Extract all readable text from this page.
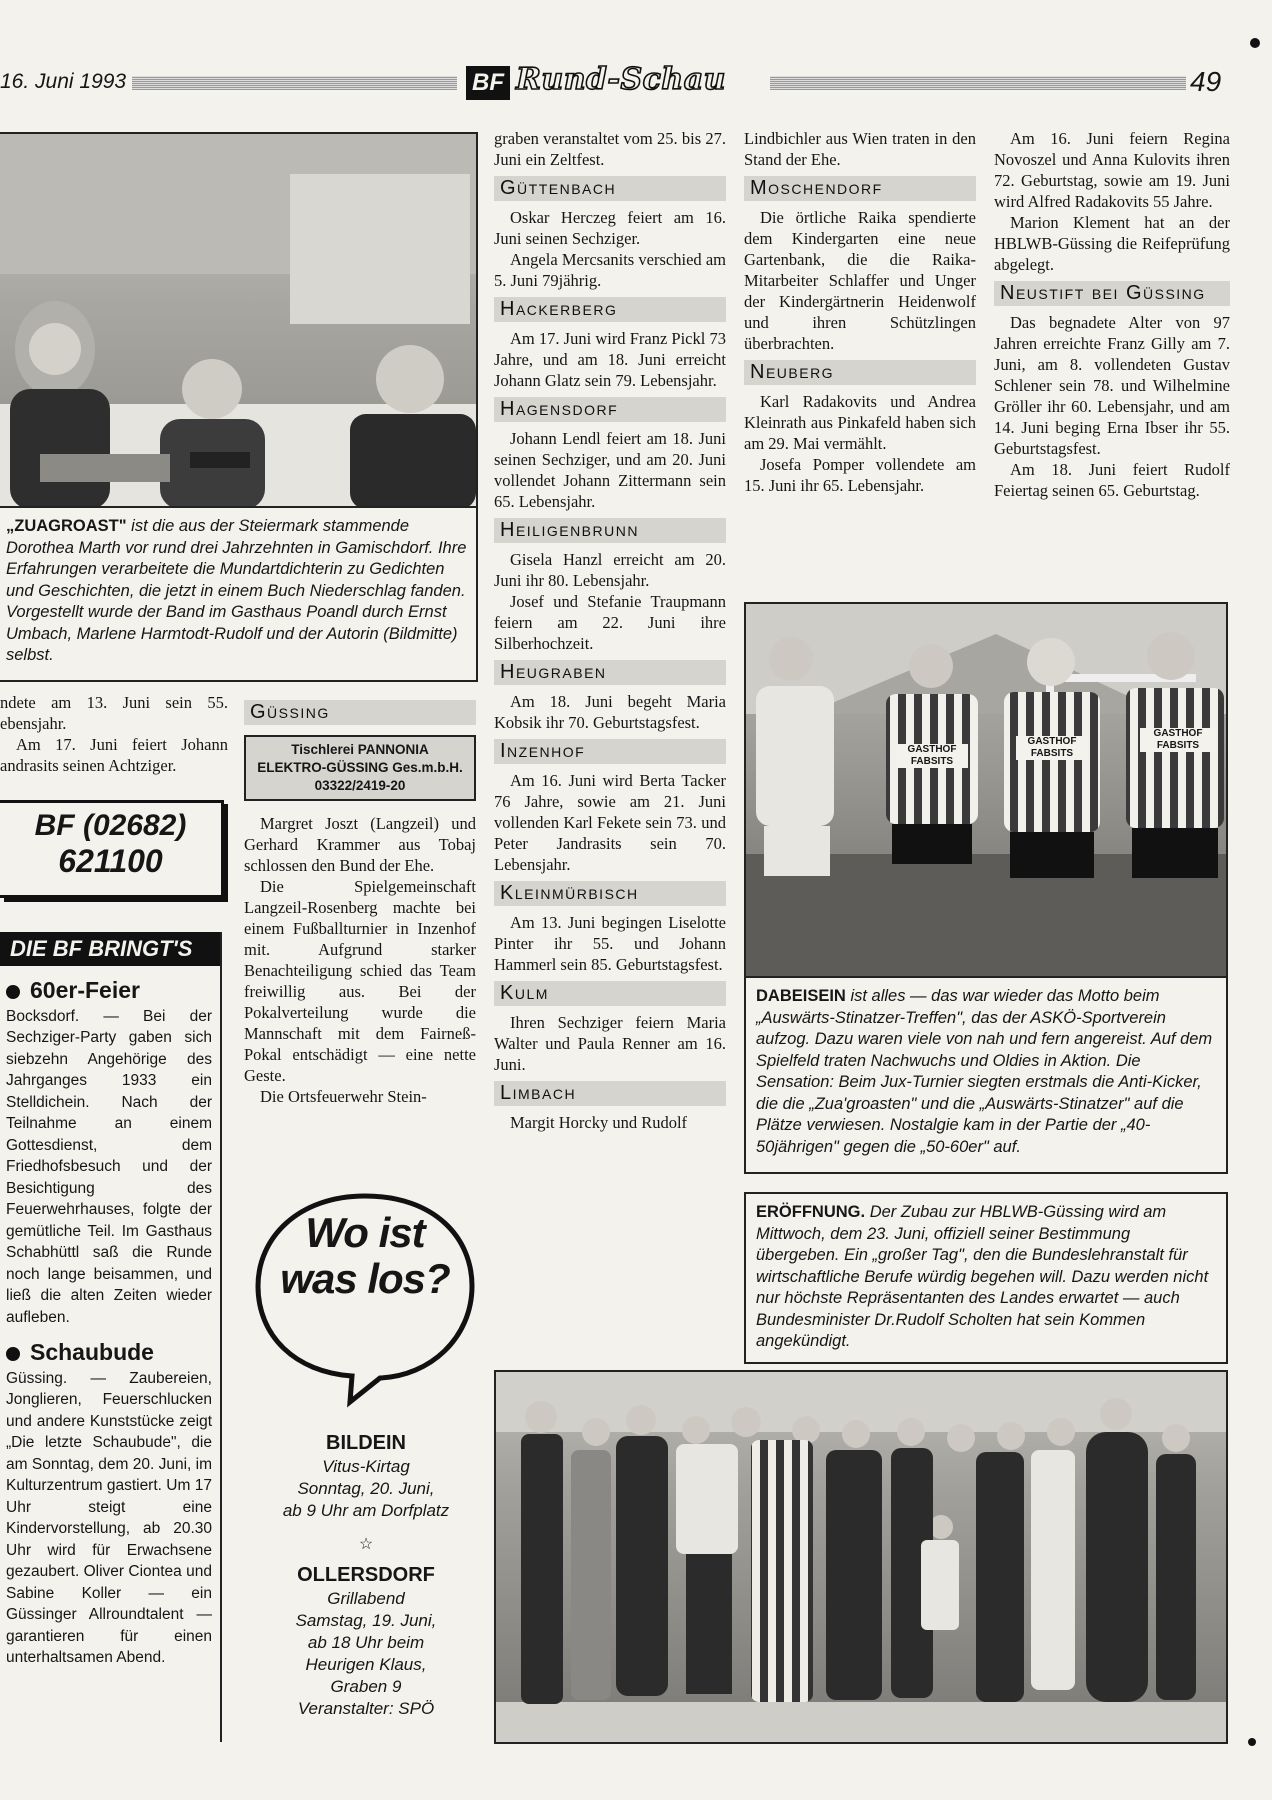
16. Juni 1993	BF Rund-Schau	49
„ZUAGROAST" ist die aus der Steiermark stammende Dorothea Marth vor rund drei Jahrzehnten in Gamischdorf. Ihre Erfahrungen verarbeitete die Mundartdichterin zu Gedichten und Geschichten, die jetzt in einem Buch Niederschlag fanden. Vorgestellt wurde der Band im Gasthaus Poandl durch Ernst Umbach, Marlene Harmtodt-Rudolf und der Autorin (Bildmitte) selbst.

ndete am 13. Juni sein 55. ebensjahr.

Am 17. Juni feiert Johann andrasits seinen Achtziger.

BF (02682)
621100
DIE BF BRINGT'S
60er-Feier
Bocksdorf. — Bei der Sechziger-Party gaben sich siebzehn Angehörige des Jahrganges 1933 ein Stelldichein. Nach der Teilnahme an einem Gottesdienst, dem Friedhofsbesuch und der Besichtigung des Feuerwehrhauses, folgte der gemütliche Teil. Im Gasthaus Schabhüttl saß die Runde noch lange beisammen, und ließ die alten Zeiten wieder aufleben.
Schaubude
Güssing. — Zaubereien, Jonglieren, Feuerschlucken und andere Kunststücke zeigt „Die letzte Schaubude", die am Sonntag, dem 20. Juni, im Kulturzentrum gastiert. Um 17 Uhr steigt eine Kindervorstellung, ab 20.30 Uhr wird für Erwachsene gezaubert. Oliver Ciontea und Sabine Koller — ein Güssinger Allroundtalent — garantieren für einen unterhaltsamen Abend.
Güssing
Tischlerei PANNONIA
ELEKTRO-GÜSSING Ges.m.b.H.
03322/2419-20

Margret Joszt (Langzeil) und Gerhard Krammer aus Tobaj schlossen den Bund der Ehe.

Die Spielgemeinschaft Langzeil-Rosenberg machte bei einem Fußballturnier in Inzenhof mit. Aufgrund starker Benachteiligung schied das Team freiwillig aus. Bei der Pokalverteilung wurde die Mannschaft mit dem Fairneß-Pokal entschädigt — eine nette Geste.

Die Ortsfeuerwehr Stein-

Wo ist was los?
BILDEIN
Vitus-Kirtag
Sonntag, 20. Juni,
ab 9 Uhr am Dorfplatz
☆
OLLERSDORF
Grillabend
Samstag, 19. Juni,
ab 18 Uhr beim
Heurigen Klaus,
Graben 9
Veranstalter: SPÖ

graben veranstaltet vom 25. bis 27. Juni ein Zeltfest.

Güttenbach

Oskar Herczeg feiert am 16. Juni seinen Sechziger.

Angela Mercsanits verschied am 5. Juni 79jährig.

Hackerberg

Am 17. Juni wird Franz Pickl 73 Jahre, und am 18. Juni erreicht Johann Glatz sein 79. Lebensjahr.

Hagensdorf

Johann Lendl feiert am 18. Juni seinen Sechziger, und am 20. Juni vollendet Johann Zittermann sein 65. Lebensjahr.

Heiligenbrunn

Gisela Hanzl erreicht am 20. Juni ihr 80. Lebensjahr.

Josef und Stefanie Traupmann feiern am 22. Juni ihre Silberhochzeit.

Heugraben

Am 18. Juni begeht Maria Kobsik ihr 70. Geburtstagsfest.

Inzenhof

Am 16. Juni wird Berta Tacker 76 Jahre, sowie am 21. Juni vollenden Karl Fekete sein 73. und Peter Jandrasits sein 70. Lebensjahr.

Kleinmürbisch

Am 13. Juni begingen Liselotte Pinter ihr 55. und Johann Hammerl sein 85. Geburtstagsfest.

Kulm

Ihren Sechziger feiern Maria Walter und Paula Renner am 16. Juni.

Limbach

Margit Horcky und Rudolf

Lindbichler aus Wien traten in den Stand der Ehe.

Moschendorf

Die örtliche Raika spendierte dem Kindergarten eine neue Gartenbank, die die Raika-Mitarbeiter Schlaffer und Unger der Kindergärtnerin Heidenwolf und ihren Schützlingen überbrachten.

Neuberg

Karl Radakovits und Andrea Kleinrath aus Pinkafeld haben sich am 29. Mai vermählt.

Josefa Pomper vollendete am 15. Juni ihr 65. Lebensjahr.

Am 16. Juni feiern Regina Novoszel und Anna Kulovits ihren 72. Geburtstag, sowie am 19. Juni wird Alfred Radakovits 55 Jahre.

Marion Klement hat an der HBLWB-Güssing die Reifeprüfung abgelegt.

Neustift bei Güssing

Das begnadete Alter von 97 Jahren erreichte Franz Gilly am 7. Juni, am 8. vollendeten Gustav Schlener sein 78. und Wilhelmine Gröller ihr 60. Lebensjahr, und am 14. Juni beging Erna Ibser ihr 55. Geburtstagsfest.

Am 18. Juni feiert Rudolf Feiertag seinen 65. Geburtstag.

GASTHOF FABSITS
GASTHOF FABSITS
GASTHOF FABSITS
DABEISEIN ist alles — das war wieder das Motto beim „Auswärts-Stinatzer-Treffen", das der ASKÖ-Sportverein aufzog. Dazu waren viele von nah und fern angereist. Auf dem Spielfeld traten Nachwuchs und Oldies in Aktion. Die Sensation: Beim Jux-Turnier siegten erstmals die Anti-Kicker, die die „Zua'groasten" und die „Auswärts-Stinatzer" auf die Plätze verwiesen. Nostalgie kam in der Partie der „40-50jährigen" gegen die „50-60er" auf.
ERÖFFNUNG. Der Zubau zur HBLWB-Güssing wird am Mittwoch, dem 23. Juni, offiziell seiner Bestimmung übergeben. Ein „großer Tag", den die Bundeslehranstalt für wirtschaftliche Berufe würdig begehen will. Dazu werden nicht nur höchste Repräsentanten des Landes erwartet — auch Bundesminister Dr.Rudolf Scholten hat sein Kommen angekündigt.
